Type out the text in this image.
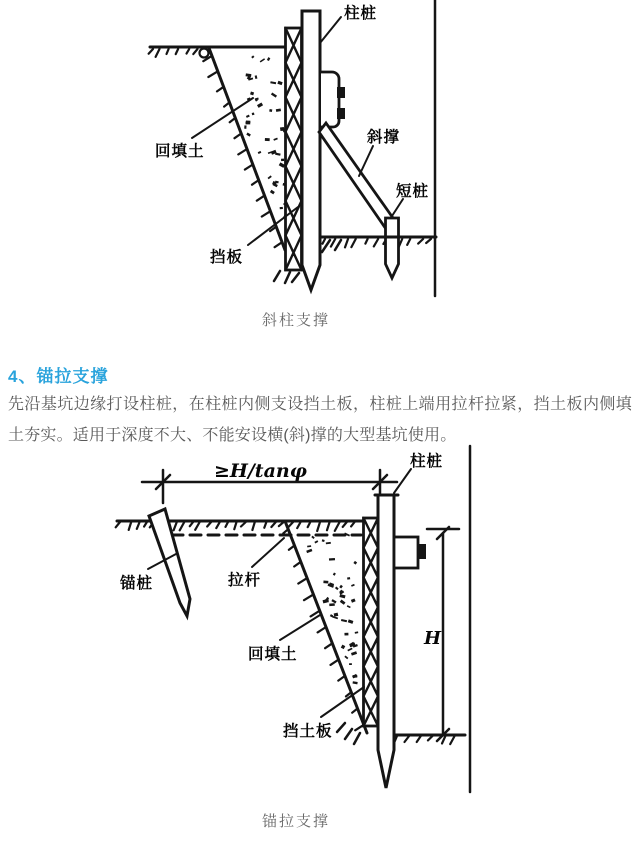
柱桩
回填土
挡板
斜撑
短桩
斜柱支撑
4、锚拉支撑
先沿基坑边缘打设柱桩，在柱桩内侧支设挡土板，柱桩上端用拉杆拉紧，挡土板内侧填土夯实。适用于深度不大、不能安设横(斜)撑的大型基坑使用。
≥H/tanφ
H
柱桩
锚桩	拉杆
回填土
挡土板
锚拉支撑
